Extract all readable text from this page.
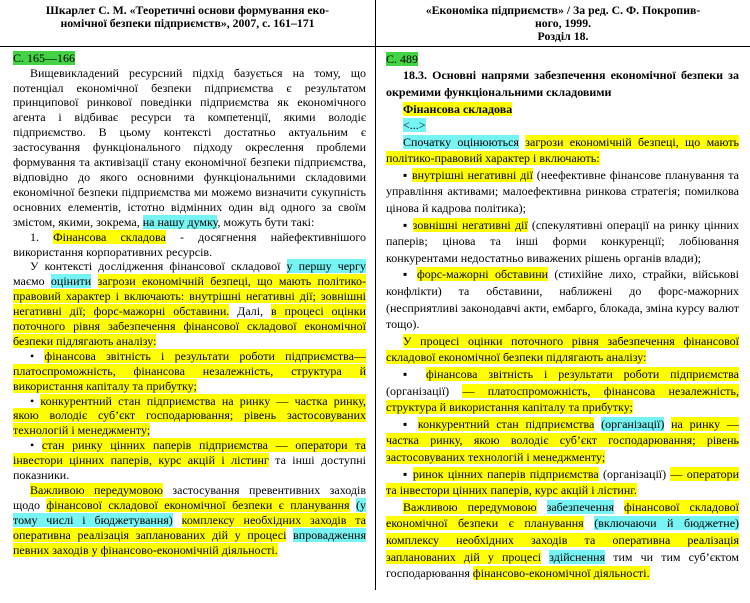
Шкарлет С. М. «Теоретичні основи формування еко-
номічної безпеки підприємств», 2007, с. 161–171
«Економіка підприємств» / За ред. С. Ф. Покропив-
ного, 1999.
Розділ 18.

С. 165—166

Вищевикладений ресурсний підхід базується на тому, що потенціал економічної безпеки підприємства є результатом принципової ринкової поведінки підприємства як економічного агента і відбиває ресурси та компетенції, якими володіє підприємство. В цьому контексті достатньо актуальним є застосування функціонального підходу окреслення проблеми формування та активізації стану економічної безпеки підприємства, відповідно до якого основними функціональними складовими економічної безпеки підприємства ми можемо визначити сукупність основних елементів, істотно відмінних один від одного за своїм змістом, якими, зокрема, на нашу думку, можуть бути такі:

1. Фінансова складова - досягнення найефективнішого використання корпоративних ресурсів.

У контексті дослідження фінансової складової у першу чергу маємо оцінити загрози економічній безпеці, що мають політико-правовий характер і включають: внутрішні негативні дії; зовнішні негативні дії; форс-мажорні обставини. Далі, в процесі оцінки поточного рівня забезпечення фінансової складової економічної безпеки підлягають аналізу:

• фінансова звітність і результати роботи підприємства— платоспроможність, фінансова незалежність, структура й використання капіталу та прибутку;

• конкурентний стан підприємства на ринку — частка ринку, якою володіє суб’єкт господарювання; рівень застосовуваних технологій і менеджменту;

• стан ринку цінних паперів підприємства — оператори та інвестори цінних паперів, курс акцій і лістинг та інші доступні показники.

Важливою передумовою застосування превентивних заходів щодо фінансової складової економічної безпеки є планування (у тому числі і бюджетування) комплексу необхідних заходів та оперативна реалізація запланованих дій у процесі впровадження певних заходів у фінансово-економічній діяльності.

С. 489

18.3. Основні напрями забезпечення економічної безпеки за окремими функціональними складовими

Фінансова складова

<...>

Спочатку оцінюються загрози економічній безпеці, що мають політико-правовий характер і включають:

▪ внутрішні негативні дії (неефективне фінансове планування та управління активами; малоефективна ринкова стратегія; помилкова цінова й кадрова політика);

▪ зовнішні негативні дії (спекулятивні операції на ринку цінних паперів; цінова та інші форми конкуренції; лобіювання конкурентами недостатньо виважених рішень органів влади);

▪ форс-мажорні обставини (стихійне лихо, страйки, військові конфлікти) та обставини, наближені до форс-мажорних (несприятливі законодавчі акти, ембарго, блокада, зміна курсу валют тощо).

У процесі оцінки поточного рівня забезпечення фінансової складової економічної безпеки підлягають аналізу:

▪ фінансова звітність і результати роботи підприємства (організації) — платоспроможність, фінансова незалежність, структура й використання капіталу та прибутку;

▪ конкурентний стан підприємства (організації) на ринку — частка ринку, якою володіє суб’єкт господарювання; рівень застосовуваних технологій і менеджменту;

▪ ринок цінних паперів підприємства (організації) — оператори та інвестори цінних паперів, курс акцій і лістинг.

Важливою передумовою забезпечення фінансової складової економічної безпеки є планування (включаючи й бюджетне) комплексу необхідних заходів та оперативна реалізація запланованих дій у процесі здійснення тим чи тим суб’єктом господарювання фінансово-економічної діяльності.
